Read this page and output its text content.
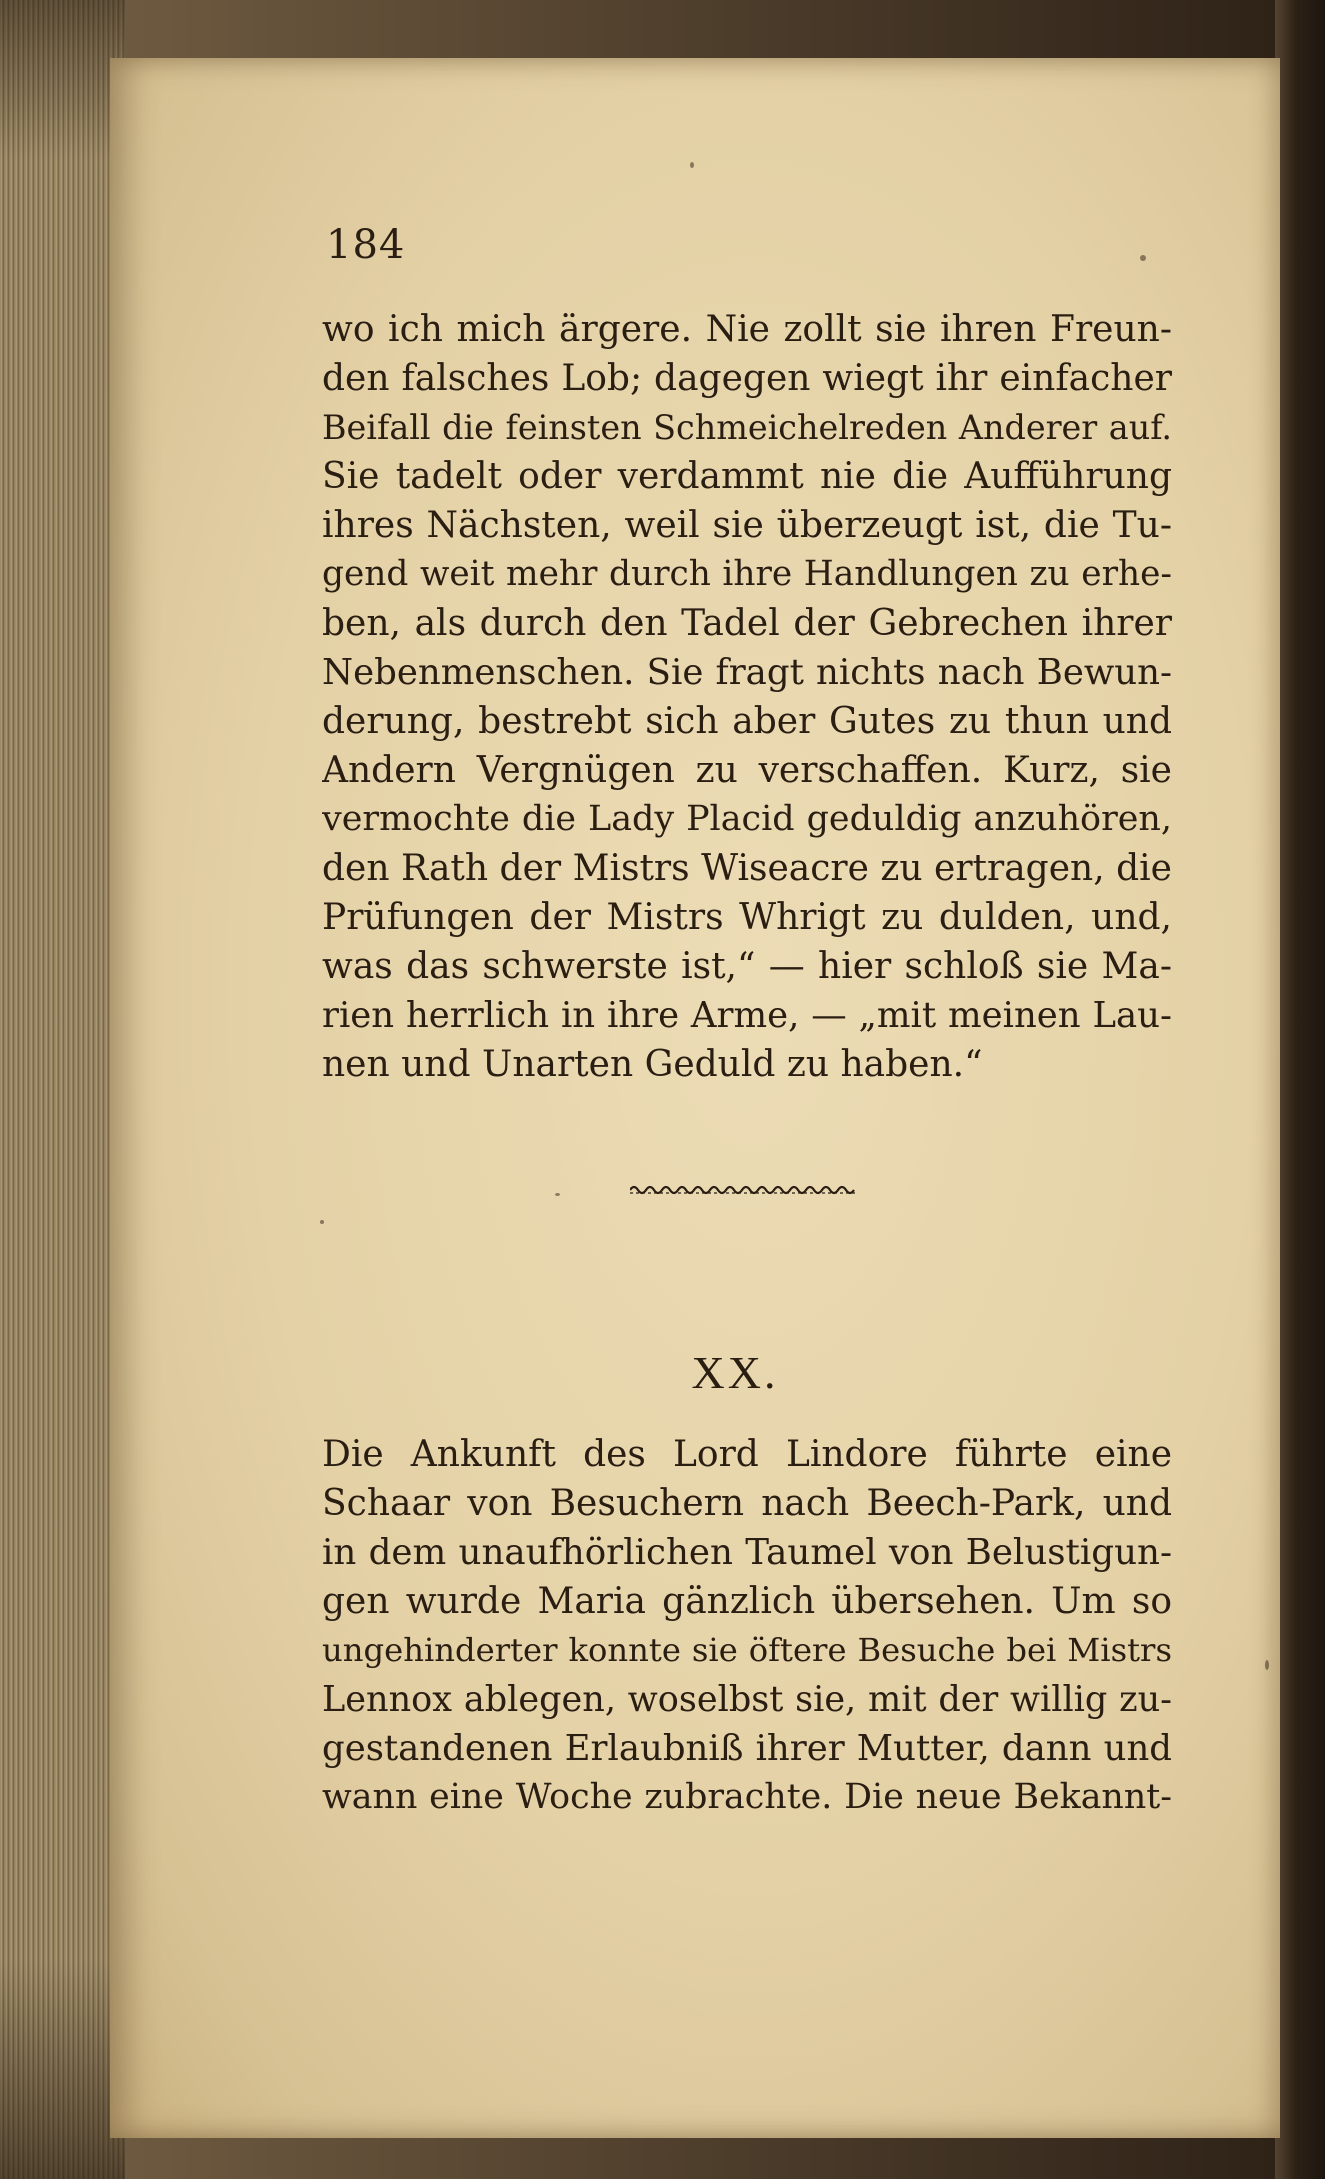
184
wo ich mich ärgere. Nie zollt sie ihren Freun-
den falsches Lob; dagegen wiegt ihr einfacher
Beifall die feinsten Schmeichelreden Anderer auf.
Sie tadelt oder verdammt nie die Aufführung
ihres Nächsten, weil sie überzeugt ist, die Tu-
gend weit mehr durch ihre Handlungen zu erhe-
ben, als durch den Tadel der Gebrechen ihrer
Nebenmenschen. Sie fragt nichts nach Bewun-
derung, bestrebt sich aber Gutes zu thun und
Andern Vergnügen zu verschaffen. Kurz, sie
vermochte die Lady Placid geduldig anzuhören,
den Rath der Mistrs Wiseacre zu ertragen, die
Prüfungen der Mistrs Whrigt zu dulden, und,
was das schwerste ist,“ — hier schloß sie Ma-
rien herrlich in ihre Arme, — „mit meinen Lau-
nen und Unarten Geduld zu haben.“
XX.
Die Ankunft des Lord Lindore führte eine
Schaar von Besuchern nach Beech-Park, und
in dem unaufhörlichen Taumel von Belustigun-
gen wurde Maria gänzlich übersehen. Um so
ungehinderter konnte sie öftere Besuche bei Mistrs
Lennox ablegen, woselbst sie, mit der willig zu-
gestandenen Erlaubniß ihrer Mutter, dann und
wann eine Woche zubrachte. Die neue Bekannt-
